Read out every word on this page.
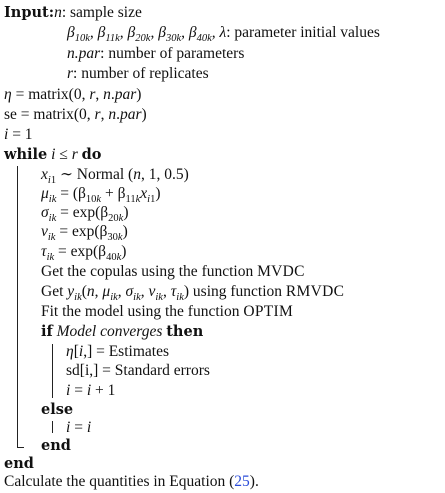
Input:n: sample size
$\beta_{10k}$, $\beta_{11k}$, $\beta_{20k}$, $\beta_{30k}$, $\beta_{40k}$, λ: parameter initial values
n.par: number of parameters
r: number of replicates
η = matrix(0, r, n.par)
se = matrix(0, r, n.par)
i = 1
while i ≤ r do
$x_{i1}$ ∼ Normal (n, 1, 0.5)
$\mu_{ik} = (\beta_{10k} + \beta_{11k}x_{i1})$
$\sigma_{ik} = \exp(\beta_{20k})$
$\nu_{ik} = \exp(\beta_{30k})$
$\tau_{ik} = \exp(\beta_{40k})$
Get the copulas using the function MVDC
Get $y_{ik}(n$, $\mu_{ik}$, $\sigma_{ik}$, $\nu_{ik}$, $\tau_{ik}$) using function RMVDC
Fit the model using the function OPTIM
if Model converges then
η[i,] = Estimates
sd[i,] = Standard errors
i = i + 1
else
i = i
end
Calculate the quantities in Equation (25).
end
